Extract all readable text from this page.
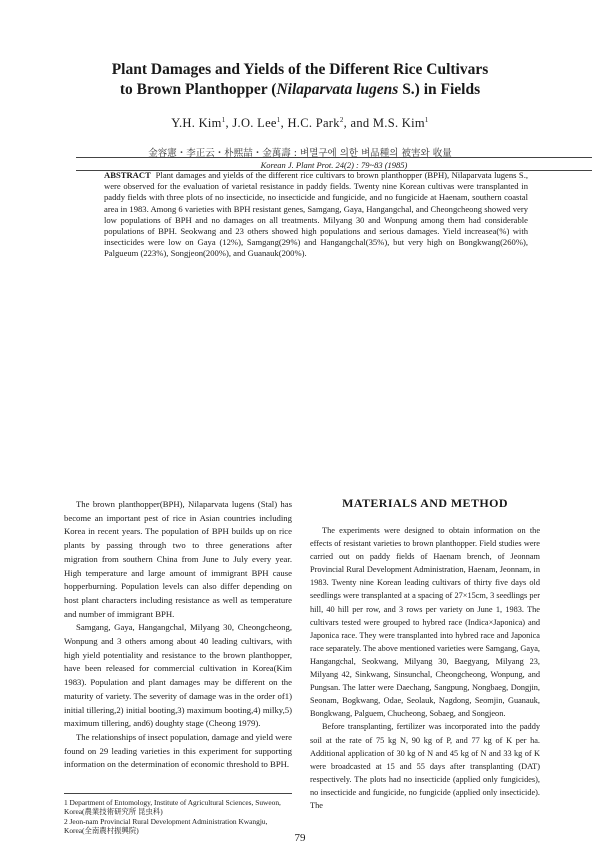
Plant Damages and Yields of the Different Rice Cultivars
to Brown Planthopper (Nilaparvata lugens S.) in Fields
Y.H. Kim$^1$, J.O. Lee$^1$, H.C. Park$^2$, and M.S. Kim$^1$
金容憲・李正云・朴熙喆・金萬壽 : 벼멸구에 의한 벼品種의 被害와 收量
Korean J. Plant Prot. 24(2) : 79~83 (1985)
ABSTRACT Plant damages and yields of the different rice cultivars to brown planthopper (BPH), Nilaparvata lugens S., were observed for the evaluation of varietal resistance in paddy fields. Twenty nine Korean cultivas were transplanted in paddy fields with three plots of no insecticide, no insecticide and fungicide, and no fungicide at Haenam, southern coastal area in 1983. Among 6 varieties with BPH resistant genes, Samgang, Gaya, Hangangchal, and Cheongcheong showed very low populations of BPH and no damages on all treatments. Milyang 30 and Wonpung among them had considerable populations of BPH. Seokwang and 23 others showed high populations and serious damages. Yield increasea(%) with insecticides were low on Gaya (12%), Samgang(29%) and Hangangchal(35%), but very high on Bongkwang(260%), Palgueum (223%), Songjeon(200%), and Guanauk(200%).

The brown planthopper(BPH), Nilaparvata lugens (Stal) has become an important pest of rice in Asian countries including Korea in recent years. The population of BPH builds up on rice plants by passing through two to three generations after migration from southern China from June to July every year. High temperature and large amount of immigrant BPH cause hopperburning. Population levels can also differ depending on host plant characters including resistance as well as temperature and number of immigrant BPH.

Samgang, Gaya, Hangangchal, Milyang 30, Cheongcheong, Wonpung and 3 others among about 40 leading cultivars, with high yield potentiality and resistance to the brown planthopper, have been released for commercial cultivation in Korea(Kim 1983). Population and plant damages may be different on the maturity of variety. The severity of damage was in the order of1) initial tillering,2) initial booting,3) maximum booting,4) milky,5) maximum tillering, and6) doughty stage (Cheong 1979).

The relationships of insect population, damage and yield were found on 29 leading varieties in this experiment for supporting information on the determination of economic threshold to BPH.

MATERIALS AND METHOD

The experiments were designed to obtain information on the effects of resistant varieties to brown planthopper. Field studies were carried out on paddy fields of Haenam brench, of Jeonnam Provincial Rural Development Administration, Haenam, Jeonnam, in 1983. Twenty nine Korean leading cultivars of thirty five days old seedlings were transplanted at a spacing of 27×15cm, 3 seedlings per hill, 40 hill per row, and 3 rows per variety on June 1, 1983. The cultivars tested were grouped to hybred race (Indica×Japonica) and Japonica race. They were transplanted into hybred race and Japonica race separately. The above mentioned varieties were Samgang, Gaya, Hangangchal, Seokwang, Milyang 30, Baegyang, Milyang 23, Milyang 42, Sinkwang, Sinsunchal, Cheongcheong, Wonpung, and Pungsan. The latter were Daechang, Sangpung, Nongbaeg, Dongjin, Seonam, Bogkwang, Odae, Seolauk, Nagdong, Seomjin, Guanauk, Bongkwang, Palguem, Chucheong, Sobaeg, and Songjeon.

Before transplanting, fertilizer was incorporated into the paddy soil at the rate of 75 kg N, 90 kg of P, and 77 kg of K per ha. Additional application of 30 kg of N and 45 kg of N and 33 kg of K were broadcasted at 15 and 55 days after transplanting (DAT) respectively. The plots had no insecticide (applied only fungicides), no insecticide and fungicide, no fungicide (applied only insecticide). The

1 Department of Entomology, Institute of Agricultural Sciences, Suweon, Korea(農業技術研究所 昆虫科)
2 Jeon-nam Provincial Rural Development Administration Kwangju, Korea(全南農村振興院)
79
